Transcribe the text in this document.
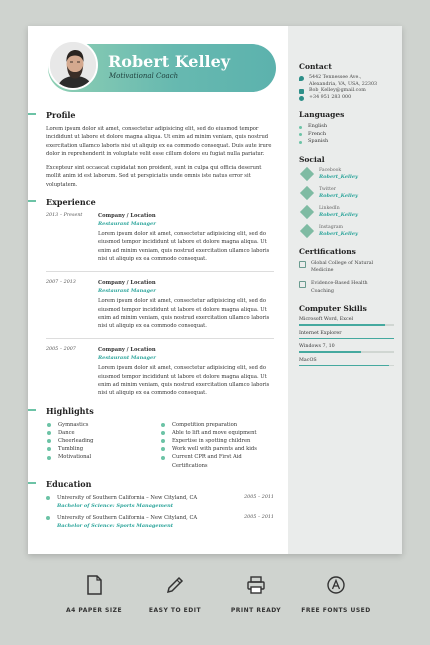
Robert Kelley
Motivational Coach
Profile

Lorem ipsum dolor sit amet, consectetur adipisicing elit, sed do eiusmod tempor incididunt ut labore et dolore magna aliqua. Ut enim ad minim veniam, quis nostrud exercitation ullamco laboris nisi ut aliquip ex ea commodo consequat. Duis aute irure dolor in reprehenderit in voluptate velit esse cillum dolore eu fugiat nulla pariatur.

Excepteur sint occaecat cupidatat non proident, sunt in culpa qui officia deserunt mollit anim id est laborum. Sed ut perspiciatis unde omnis iste natus error sit voluptatem.

Experience
2013 – Present	Company / Location
Restaurant Manager
Lorem ipsum dolor sit amet, consectetur adipisicing elit, sed do eiusmod tempor incididunt ut labore et dolore magna aliqua. Ut enim ad minim veniam, quis nostrud exercitation ullamco laboris nisi ut aliquip ex ea commodo consequat.
2007 – 2013	Company / Location
Restaurant Manager
Lorem ipsum dolor sit amet, consectetur adipisicing elit, sed do eiusmod tempor incididunt ut labore et dolore magna aliqua. Ut enim ad minim veniam, quis nostrud exercitation ullamco laboris nisi ut aliquip ex ea commodo consequat.
2005 – 2007	Company / Location
Restaurant Manager
Lorem ipsum dolor sit amet, consectetur adipisicing elit, sed do eiusmod tempor incididunt ut labore et dolore magna aliqua. Ut enim ad minim veniam, quis nostrud exercitation ullamco laboris nisi ut aliquip ex ea commodo consequat.
Highlights
Gymnastics
Dance
Cheerleading
Tumbling
Motivational
Competition preparation
Able to lift and move equipment
Expertise in spotting children
Work well with parents and kids
Current CPR and First Aid
Certifications
Education
University of Southern California – New Cityland, CA
Bachelor of Science: Sports Management
2005 – 2011
University of Southern California – New Cityland, CA
Bachelor of Science: Sports Management
2005 – 2011
Contact
5442 Tennessee Ave.,
Alexandria, VA, USA, 22303
Bob_Kelley@gmail.com
+34 951 283 000
Languages
English
French
Spanish
Social
Facebook
Robert_Kelley
Twitter
Robert_Kelley
LinkedIn
Robert_Kelley
Instagram
Robert_Kelley
Certifications
Global College of Natural
Medicine
Evidence-Based Health
Coaching
Computer Skills
Microsoft Word, Excel
Internet Explorer
Windows 7, 10
MacOS
A4 PAPER SIZE	EASY TO EDIT	PRINT READY	FREE FONTS USED
